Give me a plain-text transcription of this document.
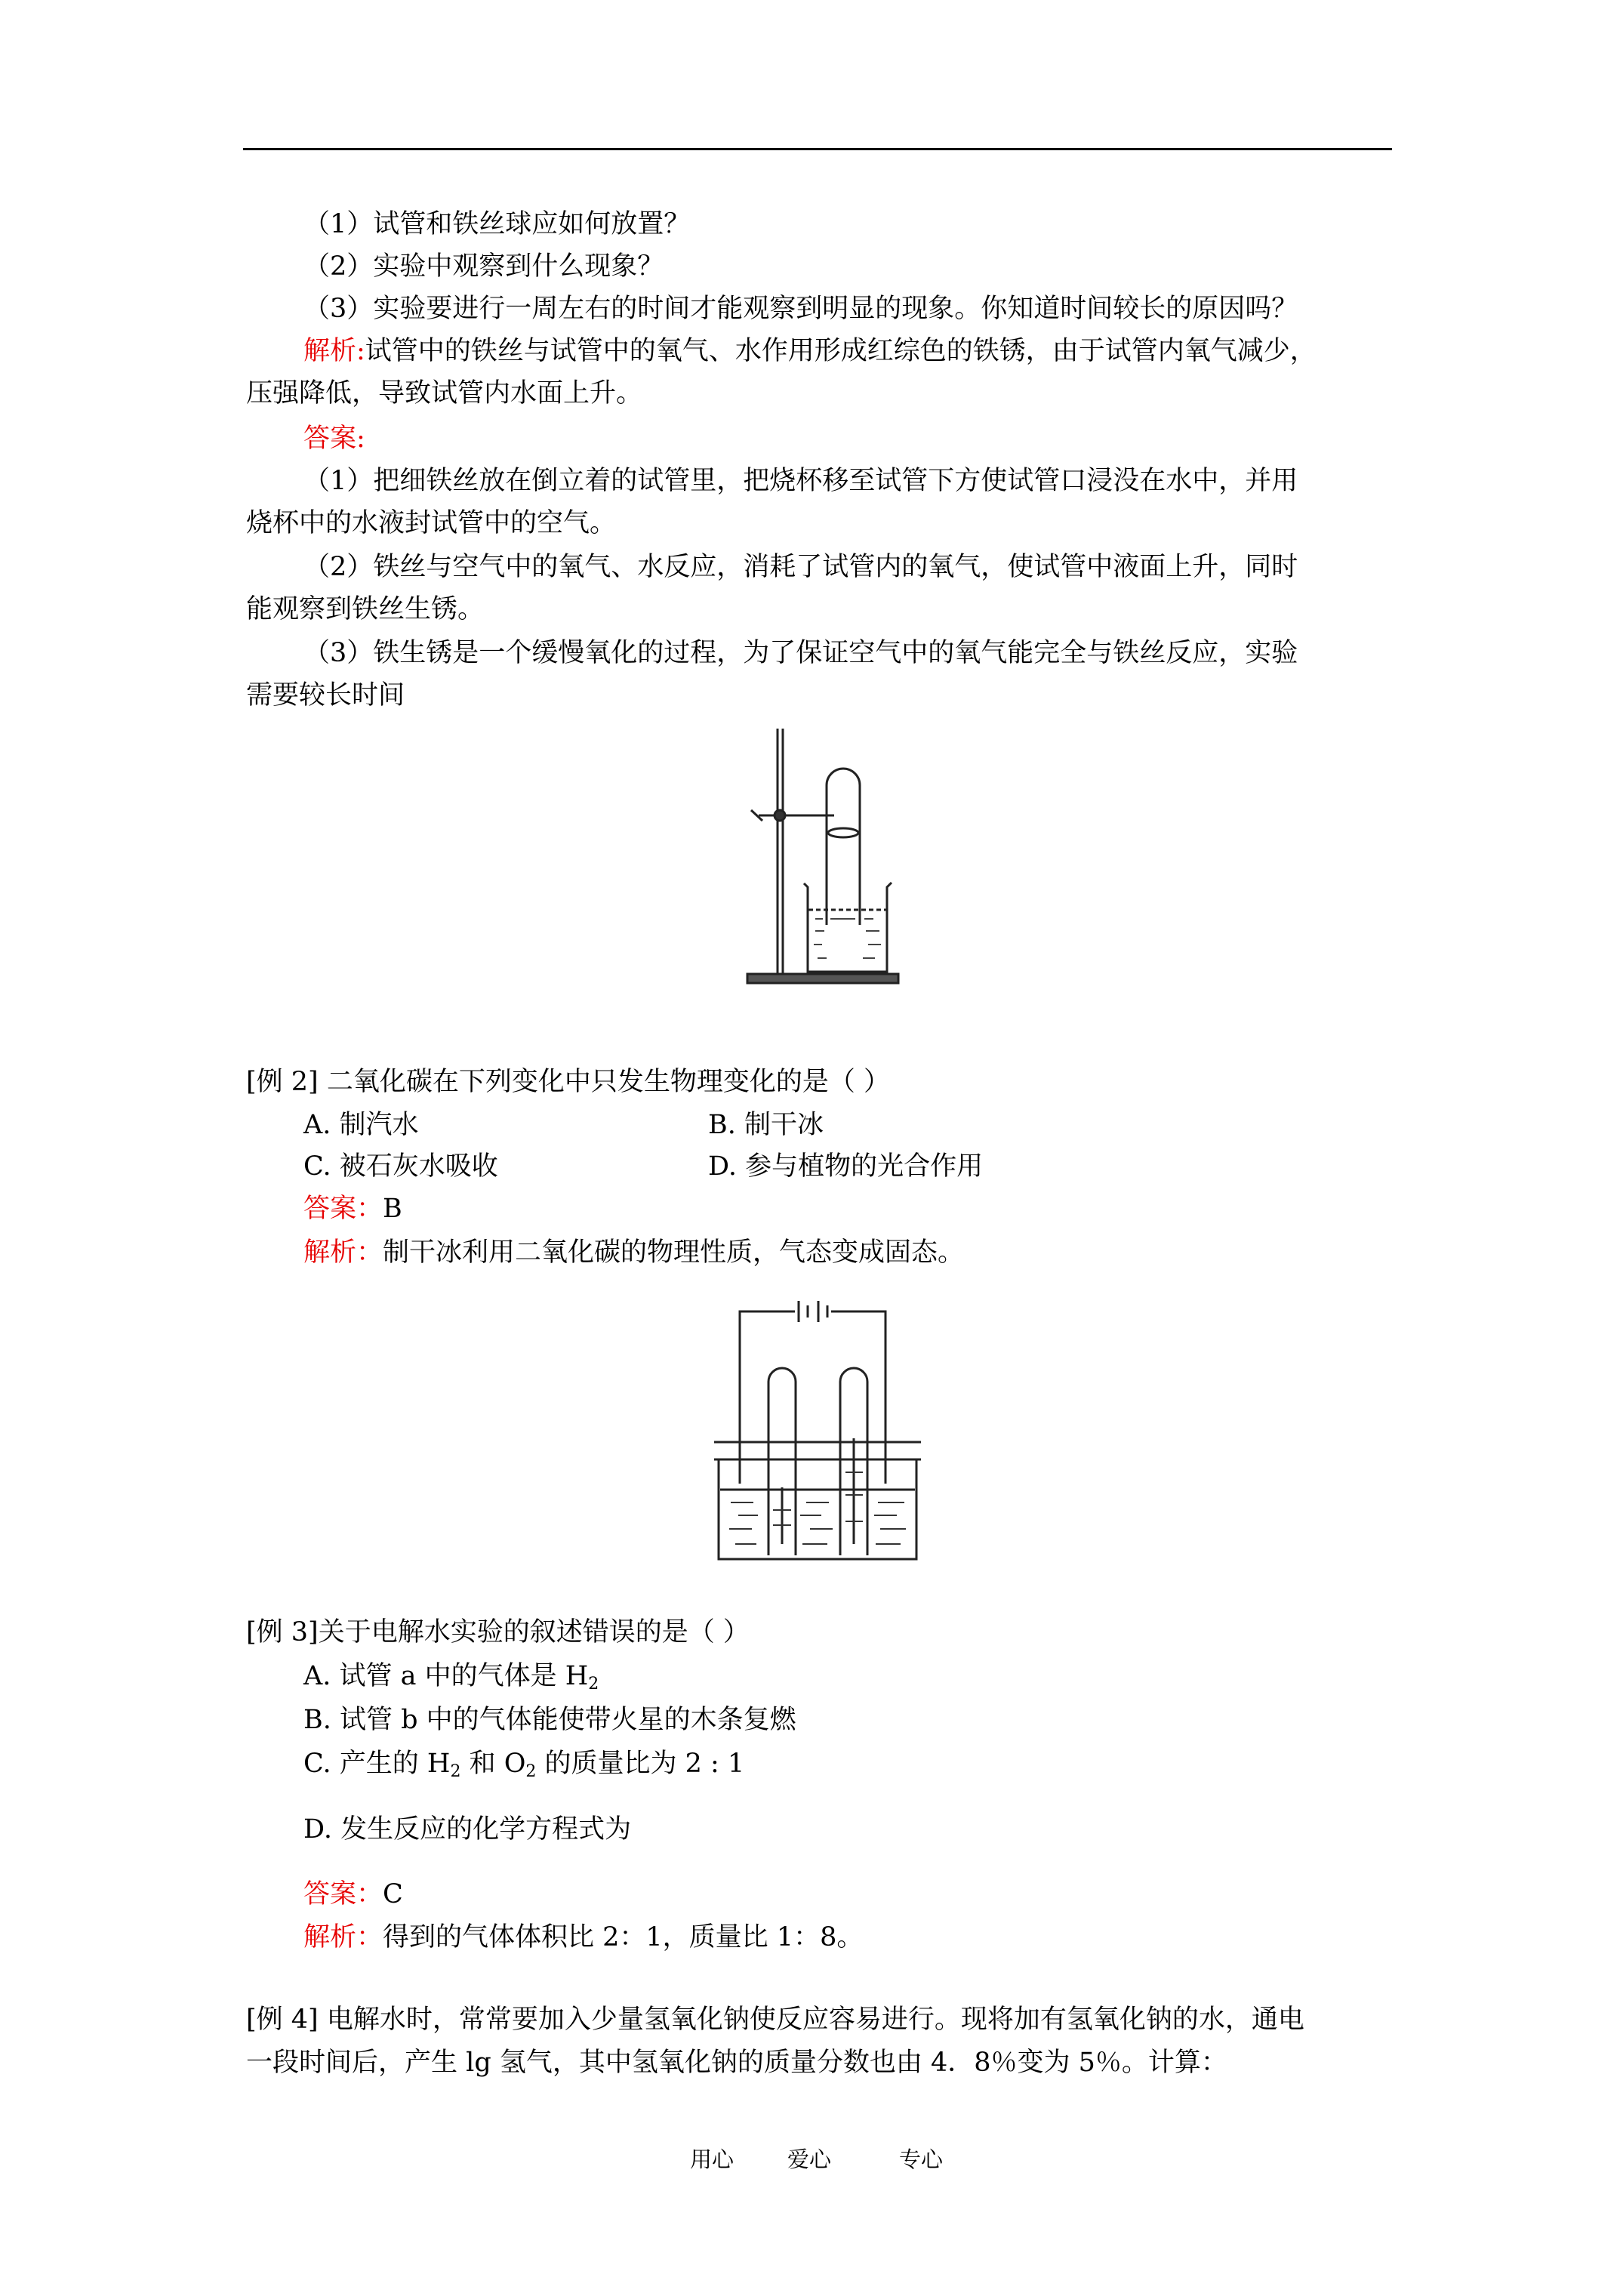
（1）试管和铁丝球应如何放置？
（2）实验中观察到什么现象？
（3）实验要进行一周左右的时间才能观察到明显的现象。你知道时间较长的原因吗？
解析:试管中的铁丝与试管中的氧气、水作用形成红综色的铁锈，由于试管内氧气减少，
压强降低，导致试管内水面上升。
答案:
（1）把细铁丝放在倒立着的试管里，把烧杯移至试管下方使试管口浸没在水中，并用
烧杯中的水液封试管中的空气。
（2）铁丝与空气中的氧气、水反应，消耗了试管内的氧气，使试管中液面上升，同时
能观察到铁丝生锈。
（3）铁生锈是一个缓慢氧化的过程，为了保证空气中的氧气能完全与铁丝反应，实验
需要较长时间
[例 2] 二氧化碳在下列变化中只发生物理变化的是（ ）
A. 制汽水	B. 制干冰
C. 被石灰水吸收	D. 参与植物的光合作用
答案：B
解析：制干冰利用二氧化碳的物理性质，气态变成固态。
[例 3]关于电解水实验的叙述错误的是（ ）
A. 试管 a 中的气体是 $H_2$
B. 试管 b 中的气体能使带火星的木条复燃
C. 产生的 $H_2$ 和 $O_2$ 的质量比为 2 : 1
D. 发生反应的化学方程式为
答案：C
解析：得到的气体体积比 2：1，质量比 1：8。
[例 4] 电解水时，常常要加入少量氢氧化钠使反应容易进行。现将加有氢氧化钠的水，通电
一段时间后，产生 lg 氢气，其中氢氧化钠的质量分数也由 4．8％变为 5％。计算：
用心 爱心	专心
